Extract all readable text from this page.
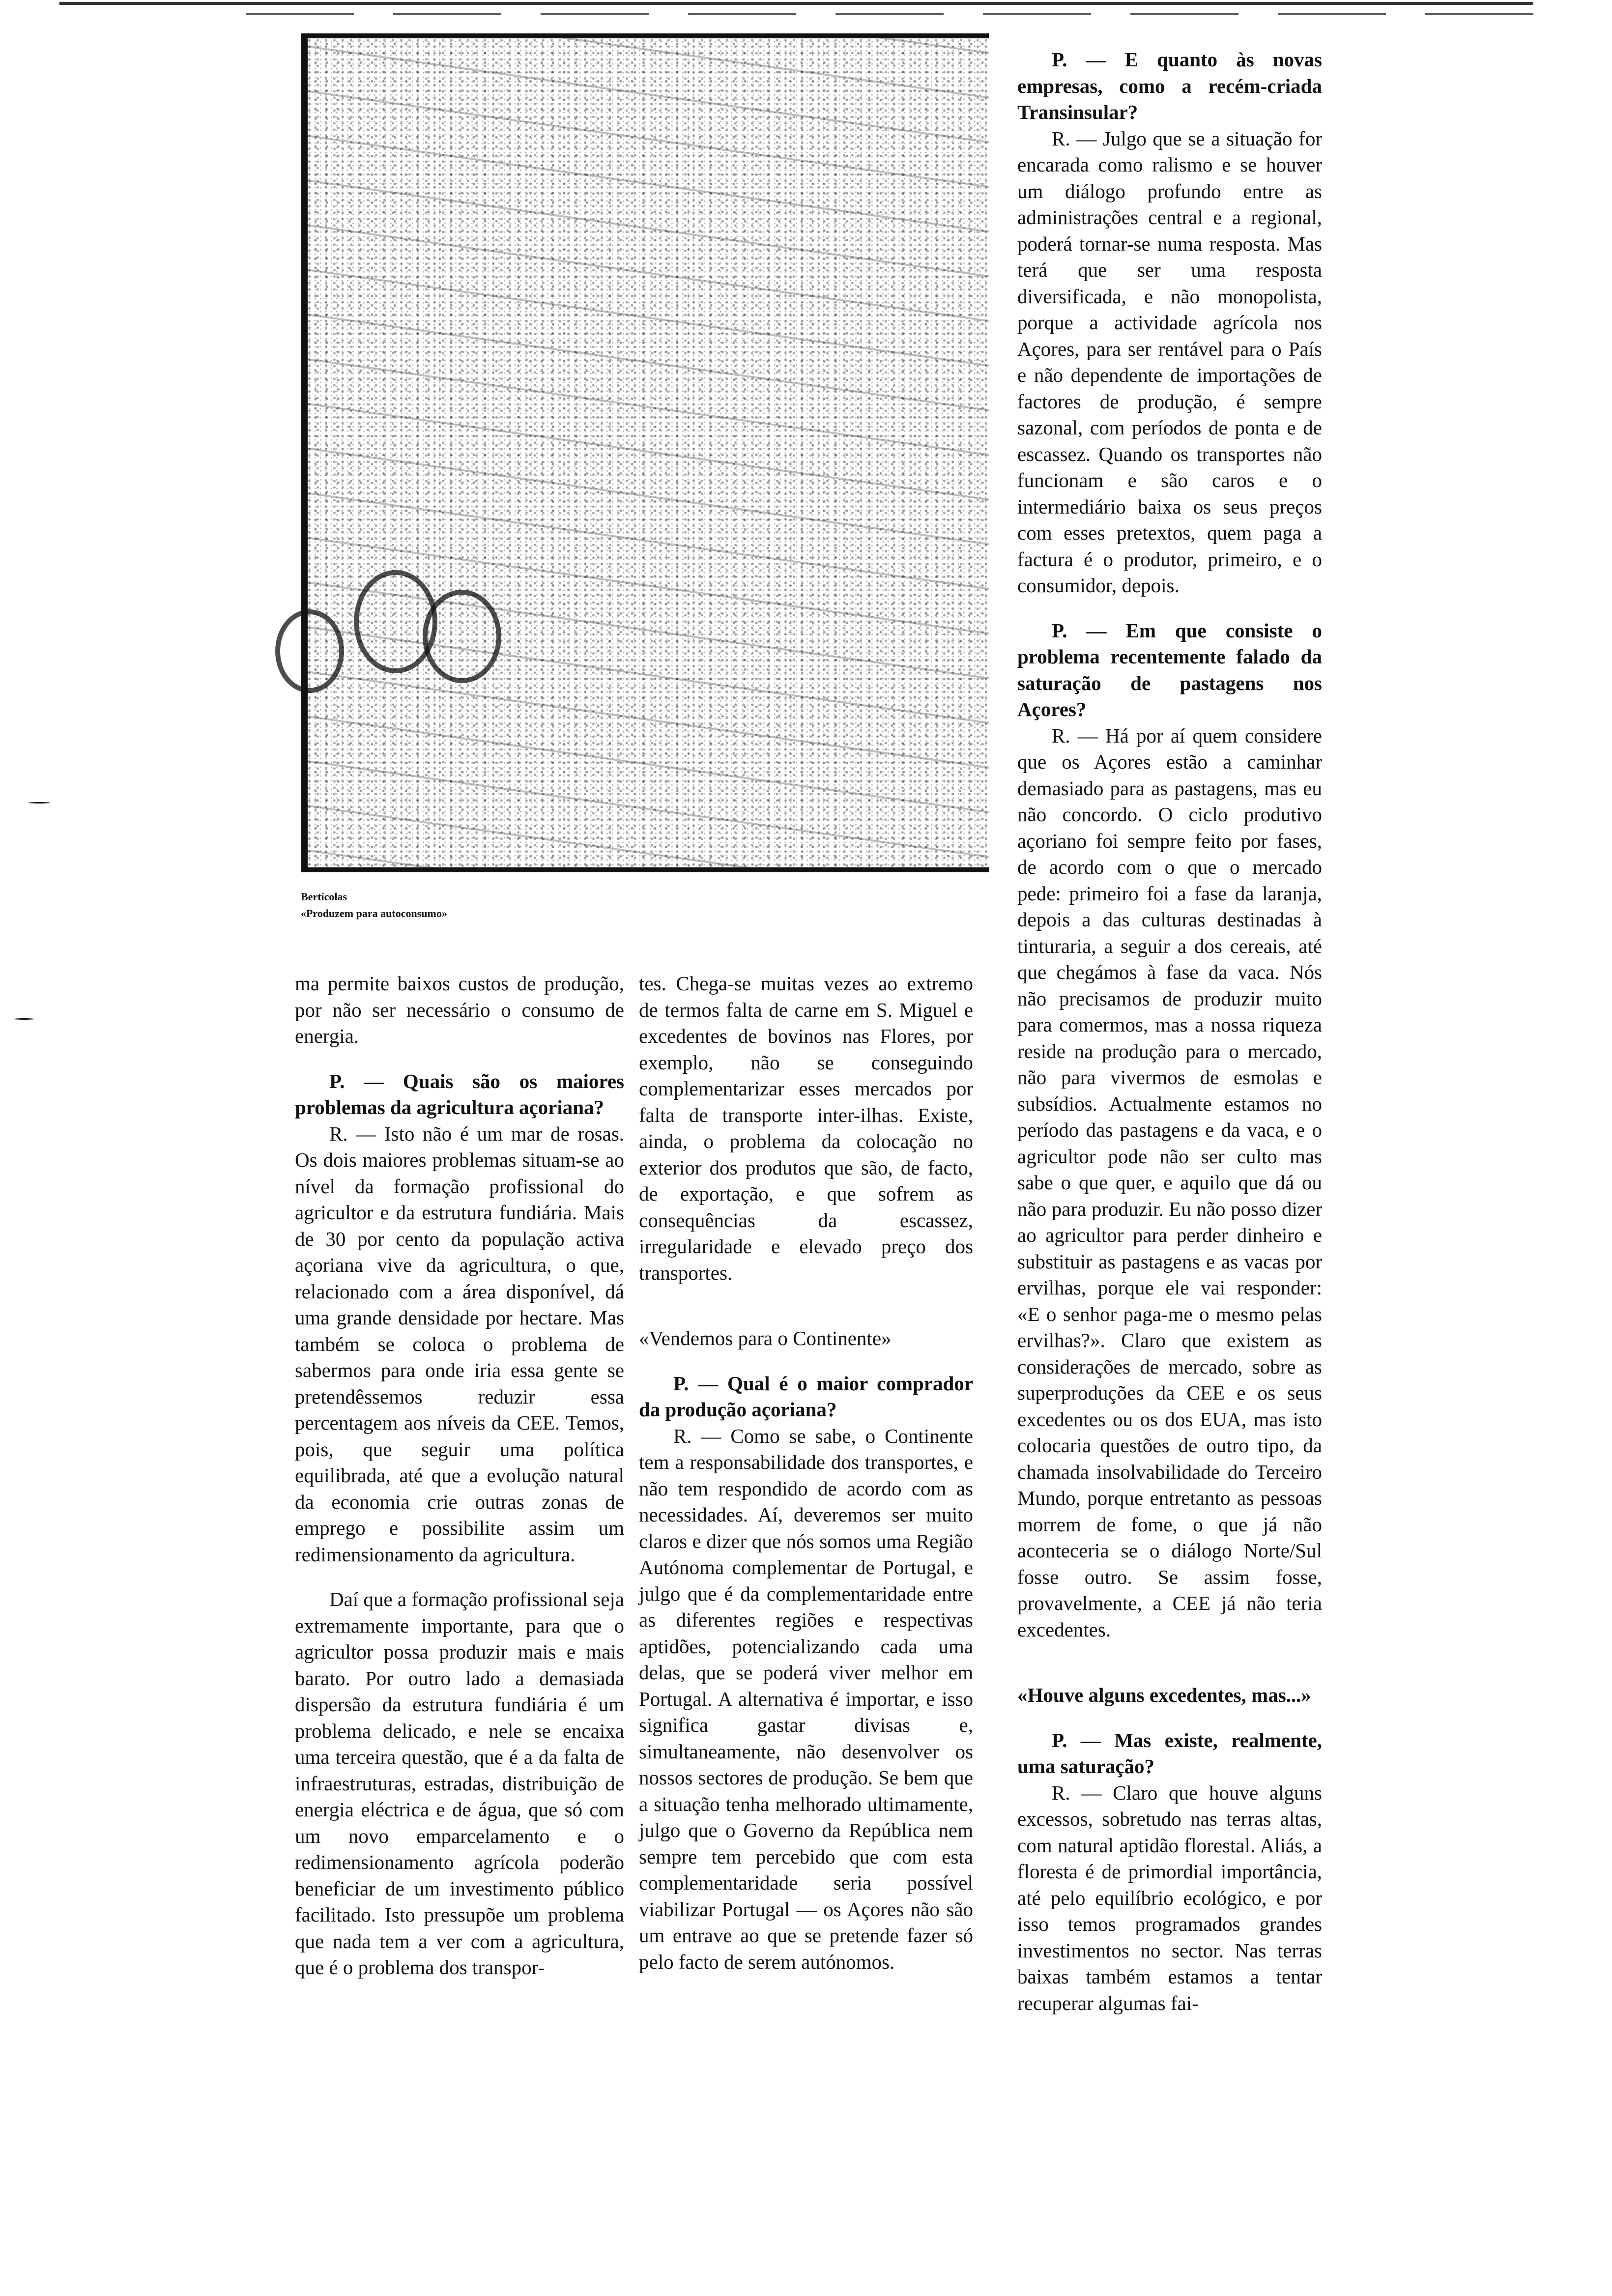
Bertícolas
«Produzem para autoconsumo»

P. — E quanto às novas empresas, como a recém-criada Transinsular?

R. — Julgo que se a situação for encarada como ralismo e se houver um diálogo profundo entre as administrações central e a regional, poderá tornar-se numa resposta. Mas terá que ser uma resposta diversificada, e não monopolista, porque a actividade agrícola nos Açores, para ser rentável para o País e não dependente de importações de factores de produção, é sempre sazonal, com períodos de ponta e de escassez. Quando os transportes não funcionam e são caros e o intermediário baixa os seus preços com esses pretextos, quem paga a factura é o produtor, primeiro, e o consumidor, depois.

P. — Em que consiste o problema recentemente falado da saturação de pastagens nos Açores?

R. — Há por aí quem considere que os Açores estão a caminhar demasiado para as pastagens, mas eu não concordo. O ciclo produtivo açoriano foi sempre feito por fases, de acordo com o que o mercado pede: primeiro foi a fase da laranja, depois a das culturas destinadas à tinturaria, a seguir a dos cereais, até que chegámos à fase da vaca. Nós não precisamos de produzir muito para comermos, mas a nossa riqueza reside na produção para o mercado, não para vivermos de esmolas e subsídios. Actualmente estamos no período das pastagens e da vaca, e o agricultor pode não ser culto mas sabe o que quer, e aquilo que dá ou não para produzir. Eu não posso dizer ao agricultor para perder dinheiro e substituir as pastagens e as vacas por ervilhas, porque ele vai responder: «E o senhor paga-me o mesmo pelas ervilhas?». Claro que existem as considerações de mercado, sobre as superproduções da CEE e os seus excedentes ou os dos EUA, mas isto colocaria questões de outro tipo, da chamada insolvabilidade do Terceiro Mundo, porque entretanto as pessoas morrem de fome, o que já não aconteceria se o diálogo Norte/Sul fosse outro. Se assim fosse, provavelmente, a CEE já não teria excedentes.

«Houve alguns excedentes, mas...»

P. — Mas existe, realmente, uma saturação?

R. — Claro que houve alguns excessos, sobretudo nas terras altas, com natural aptidão florestal. Aliás, a floresta é de primordial importância, até pelo equilíbrio ecológico, e por isso temos programados grandes investimentos no sector. Nas terras baixas também estamos a tentar recuperar algumas fai-

ma permite baixos custos de produção, por não ser necessário o consumo de energia.

P. — Quais são os maiores problemas da agricultura açoriana?

R. — Isto não é um mar de rosas. Os dois maiores problemas situam-se ao nível da formação profissional do agricultor e da estrutura fundiária. Mais de 30 por cento da população activa açoriana vive da agricultura, o que, relacionado com a área disponível, dá uma grande densidade por hectare. Mas também se coloca o problema de sabermos para onde iria essa gente se pretendêssemos reduzir essa percentagem aos níveis da CEE. Temos, pois, que seguir uma política equilibrada, até que a evolução natural da economia crie outras zonas de emprego e possibilite assim um redimensionamento da agricultura.

Daí que a formação profissional seja extremamente importante, para que o agricultor possa produzir mais e mais barato. Por outro lado a demasiada dispersão da estrutura fundiária é um problema delicado, e nele se encaixa uma terceira questão, que é a da falta de infraestruturas, estradas, distribuição de energia eléctrica e de água, que só com um novo emparcelamento e o redimensionamento agrícola poderão beneficiar de um investimento público facilitado. Isto pressupõe um problema que nada tem a ver com a agricultura, que é o problema dos transpor-

tes. Chega-se muitas vezes ao extremo de termos falta de carne em S. Miguel e excedentes de bovinos nas Flores, por exemplo, não se conseguindo complementarizar esses mercados por falta de transporte inter-ilhas. Existe, ainda, o problema da colocação no exterior dos produtos que são, de facto, de exportação, e que sofrem as consequências da escassez, irregularidade e elevado preço dos transportes.

«Vendemos para o Continente»

P. — Qual é o maior comprador da produção açoriana?

R. — Como se sabe, o Continente tem a responsabilidade dos transportes, e não tem respondido de acordo com as necessidades. Aí, deveremos ser muito claros e dizer que nós somos uma Região Autónoma complementar de Portugal, e julgo que é da complementaridade entre as diferentes regiões e respectivas aptidões, potencializando cada uma delas, que se poderá viver melhor em Portugal. A alternativa é importar, e isso significa gastar divisas e, simultaneamente, não desenvolver os nossos sectores de produção. Se bem que a situação tenha melhorado ultimamente, julgo que o Governo da República nem sempre tem percebido que com esta complementaridade seria possível viabilizar Portugal — os Açores não são um entrave ao que se pretende fazer só pelo facto de serem autónomos.
